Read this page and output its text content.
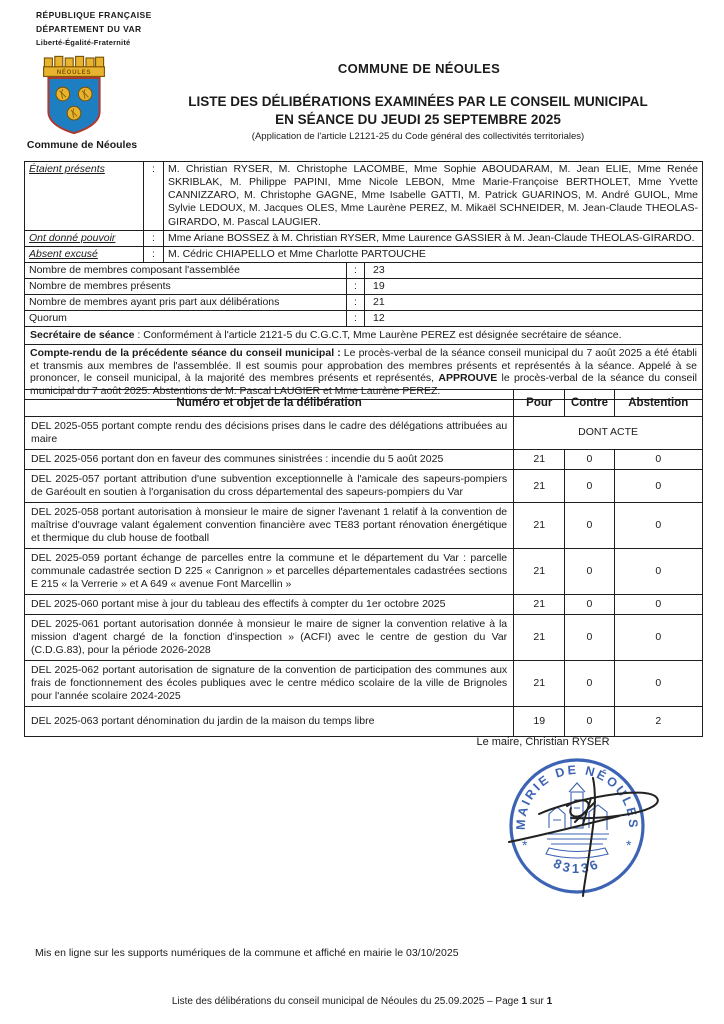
RÉPUBLIQUE FRANÇAISE
DÉPARTEMENT DU VAR
Liberté-Égalité-Fraternité
NÉOULES
Commune de Néoules
COMMUNE DE NÉOULES
LISTE DES DÉLIBÉRATIONS EXAMINÉES PAR LE CONSEIL MUNICIPAL
EN SÉANCE DU JEUDI 25 SEPTEMBRE 2025
(Application de l'article L2121-25 du Code général des collectivités territoriales)
Étaient présents	:	M. Christian RYSER, M. Christophe LACOMBE, Mme Sophie ABOUDARAM, M. Jean ELIE, Mme Renée SKRIBLAK, M. Philippe PAPINI, Mme Nicole LEBON, Mme Marie-Françoise BERTHOLET, Mme Yvette CANNIZZARO, M. Christophe GAGNE, Mme Isabelle GATTI, M. Patrick GUARINOS, M. André GUIOL, Mme Sylvie LEDOUX, M. Jacques OLES, Mme Laurène PEREZ, M. Mikaël SCHNEIDER, M. Jean-Claude THEOLAS-GIRARDO, M. Pascal LAUGIER.
Ont donné pouvoir	:	Mme Ariane BOSSEZ à M. Christian RYSER, Mme Laurence GASSIER à M. Jean-Claude THEOLAS-GIRARDO.
Absent excusé	:	M. Cédric CHIAPELLO et Mme Charlotte PARTOUCHE
Nombre de membres composant l'assemblée	:	23
Nombre de membres présents	:	19
Nombre de membres ayant pris part aux délibérations	:	21
Quorum	:	12
Secrétaire de séance : Conformément à l'article 2121-5 du C.G.C.T, Mme Laurène PEREZ est désignée secrétaire de séance.
Compte-rendu de la précédente séance du conseil municipal : Le procès-verbal de la séance conseil municipal du 7 août 2025 a été établi et transmis aux membres de l'assemblée. Il est soumis pour approbation des membres présents et représentés à la séance. Appelé à se prononcer, le conseil municipal, à la majorité des membres présents et représentés, APPROUVE le procès-verbal de la séance du conseil municipal du 7 août 2025. Abstentions de M. Pascal LAUGIER et Mme Laurène PEREZ.
Numéro et objet de la délibération	Pour	Contre	Abstention
DEL 2025-055 portant compte rendu des décisions prises dans le cadre des délégations attribuées au maire	DONT ACTE		
DEL 2025-056 portant don en faveur des communes sinistrées : incendie du 5 août 2025	21	0	0
DEL 2025-057 portant attribution d'une subvention exceptionnelle à l'amicale des sapeurs-pompiers de Garéoult en soutien à l'organisation du cross départemental des sapeurs-pompiers du Var	21	0	0
DEL 2025-058 portant autorisation à monsieur le maire de signer l'avenant 1 relatif à la convention de maîtrise d'ouvrage valant également convention financière avec TE83 portant rénovation énergétique et thermique du club house de football	21	0	0
DEL 2025-059 portant échange de parcelles entre la commune et le département du Var : parcelle communale cadastrée section D 225 « Canrignon » et parcelles départementales cadastrées sections E 215 « la Verrerie » et A 649 « avenue Font Marcellin »	21	0	0
DEL 2025-060 portant mise à jour du tableau des effectifs à compter du 1er octobre 2025	21	0	0
DEL 2025-061 portant autorisation donnée à monsieur le maire de signer la convention relative à la mission d'agent chargé de la fonction d'inspection » (ACFI) avec le centre de gestion du Var (C.D.G.83), pour la période 2026-2028	21	0	0
DEL 2025-062 portant autorisation de signature de la convention de participation des communes aux frais de fonctionnement des écoles publiques avec le centre médico scolaire de la ville de Brignoles pour l'année scolaire 2024-2025	21	0	0
DEL 2025-063 portant dénomination du jardin de la maison du temps libre	19	0	2
Le maire, Christian RYSER
MAIRIE DE NÉOULES
83136
*	*
Mis en ligne sur les supports numériques de la commune et affiché en mairie le 03/10/2025
Liste des délibérations du conseil municipal de Néoules du 25.09.2025 – Page 1 sur 1
